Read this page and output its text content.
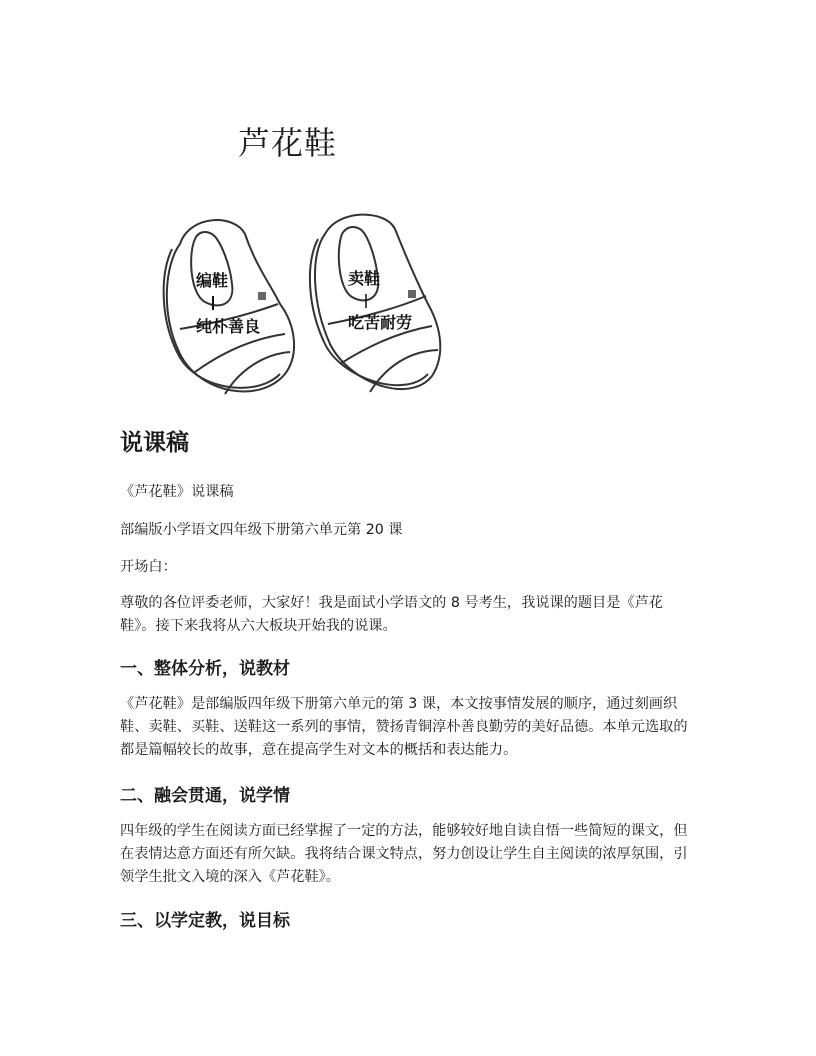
芦花鞋
编鞋
纯朴善良
卖鞋
吃苦耐劳
说课稿

《芦花鞋》说课稿

部编版小学语文四年级下册第六单元第 20 课

开场白：

尊敬的各位评委老师，大家好！我是面试小学语文的 8 号考生，我说课的题目是《芦花鞋》。接下来我将从六大板块开始我的说课。

一、整体分析，说教材

《芦花鞋》是部编版四年级下册第六单元的第 3 课，本文按事情发展的顺序，通过刻画织鞋、卖鞋、买鞋、送鞋这一系列的事情，赞扬青铜淳朴善良勤劳的美好品德。本单元选取的都是篇幅较长的故事，意在提高学生对文本的概括和表达能力。

二、融会贯通，说学情

四年级的学生在阅读方面已经掌握了一定的方法，能够较好地自读自悟一些简短的课文，但在表情达意方面还有所欠缺。我将结合课文特点，努力创设让学生自主阅读的浓厚氛围，引领学生批文入境的深入《芦花鞋》。

三、以学定教，说目标
